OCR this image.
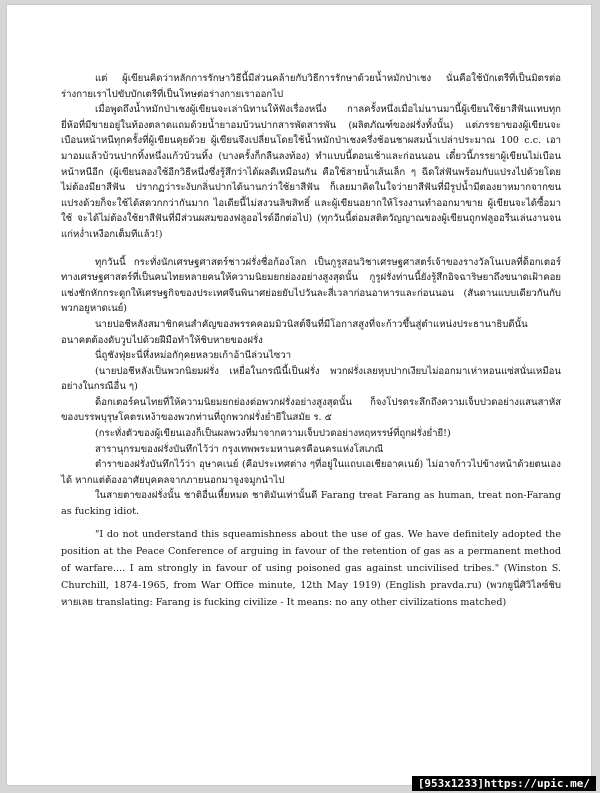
แต่ ผู้เขียนคิดว่าหลักการรักษาวิธีนี้มีส่วนคล้ายกับวิธีการรักษาด้วยน้ำหมักป่าเชง นั่นคือใช้บักเตรีที่เป็นมิตรต่อร่างกายเราไปขับบักเตรีที่เป็นโทษต่อร่างกายเราออกไป

เมื่อพูดถึงน้ำหมักป่าเชงผู้เขียนจะเล่านิทานให้ฟังเรื่องหนึ่ง กาลครั้งหนึ่งเมื่อไม่นานมานี้ผู้เขียนใช้ยาสีฟันแทบทุกยี่ห้อที่มีขายอยู่ในท้องตลาดแถมด้วยน้ำยาอมบ้วนปากสารพัดสารพัน (ผลิตภัณฑ์ของฝรั่งทั้งนั้น) แต่ภรรยาของผู้เขียนจะเบือนหน้าหนีทุกครั้งที่ผู้เขียนคุยด้วย ผู้เขียนจึงเปลี่ยนโดยใช้น้ำหมักป่าเชงครึ่งช้อนชาผสมน้ำเปล่าประมาณ 100 c.c. เอามาอมแล้วบ้วนปากทิ้งหนึ่งแก้วบ้วนทิ้ง (บางครั้งก็กลืนลงท้อง) ทำแบบนี้ตอนเช้าและก่อนนอน เดี๋ยวนี้ภรรยาผู้เขียนไม่เบือนหน้าหนีอีก (ผู้เขียนลองใช้อีกวิธีหนึ่งซึ่งรู้สึกว่าได้ผลดีเหมือนกัน คือใช้สายน้ำเส้นเล็ก ๆ ฉีดใส่ฟันพร้อมกับแปรงไปด้วยโดยไม่ต้องมียาสีฟัน ปรากฏว่าระงับกลิ่นปากได้นานกว่าใช้ยาสีฟัน ก็เลยมาคิดในใจว่ายาสีฟันที่มีรูปน้ำมีตองยาหมากจากขนแปรงด้วยก็จะใช้ได้สดวกกว่ากันมาก ไอเดียนี้ไม่สงวนลิขสิทธิ์ และผู้เขียนอยากให้โรงงานทำออกมาขาย ผู้เขียนจะได้ซื้อมาใช้ จะได้ไม่ต้องใช้ยาสีฟันที่มีส่วนผสมของฟลูออไรด์อีกต่อไป) (ทุกวันนี้ต่อมสติตวัญญาณของผู้เขียนถูกฟลูออรีนเล่นงานจนแก่หง่ำเหงือกเต็มทีแล้ว!)

ทุกวันนี้ กระทั่งนักเศรษฐศาสตร์ชาวฝรั่งชื่อก้องโลก เป็นกูรูสอนวิชาเศรษฐศาสตร์เจ้าของรางวัลโนเบลที่ด็อกเตอร์ทางเศรษฐศาสตร์ที่เป็นคนไทยหลายคนให้ความนิยมยกย่องอย่างสูงสุดนั้น กูรูฝรั่งท่านนี้ยังรู้สึกอิจฉาริษยาถึงขนาดเฝ้าคอยแช่งชักหักกระดูกให้เศรษฐกิจของประเทศจีนพินาศย่อยยับไปวันละสี่เวลาก่อนอาหารและก่อนนอน (สันดานแบบเดียวกันกับพวกอยูหาดเนย์)

นายปอชีหลังสมาชิกคนสำคัญของพรรคคอมมิวนิสต์จีนที่มีโอกาสสูงที่จะก้าวขึ้นสู่ตำแหน่งประธานาธิบดีนั้น อนาคตต้องดับวูบไปด้วยฝีมือทำให้ชิบหายของฝรั่ง

นี่ถูชังฟุ่ยะนี่หึ่งหม่อกักุคยหลวยเก้าอ้านีล่วนไซวา

(นายปอชีหลังเป็นพวกนิยมฝรั่ง เหยื่อในกรณีนี้เป็นฝรั่ง พวกฝรั่งเลยหุบปากเงียบไม่ออกมาเห่าหอนแซ่สนั่นเหมือนอย่างในกรณีอื่น ๆ)

ด็อกเตอร์คนไทยที่ให้ความนิยมยกย่องต่อพวกฝรั่งอย่างสูงสุดนั้น ก็จงโปรดระลึกถึงความเจ็บปวดอย่างแสนสาหัสของบรรพบุรุษโคตรเหง้าของพวกท่านที่ถูกพวกฝรั่งย่ำยีในสมัย ร. ๕

(กระทั่งตัวของผู้เขียนเองก็เป็นผลพวงที่มาจากความเจ็บปวดอย่างหฤหรรษ์ที่ถูกฝรั่งย่ำยี!)

สารานุกรมของฝรั่งบันทึกไว้ว่า กรุงเทพพระมหานครคือนครแห่งโสเภณี

ตำราของฝรั่งบันทึกไว้ว่า อุษาคเนย์ (คือประเทศต่าง ๆที่อยู่ในแถบเอเชียอาคเนย์) ไม่อาจก้าวไปข้างหน้าด้วยตนเองได้ หากแต่ต้องอาศัยบุคคลจากภายนอกมาจูงจมูกนำไป

ในสายตาของฝรั่งนั้น ชาติอื่นเหี้ยหมด ชาติมันเท่านั้นดี Farang treat Farang as human, treat non-Farang as fucking idiot.

"I do not understand this squeamishness about the use of gas. We have definitely adopted the position at the Peace Conference of arguing in favour of the retention of gas as a permanent method of warfare.... I am strongly in favour of using poisoned gas against uncivilised tribes." (Winston S. Churchill, 1874-1965, from War Office minute, 12th May 1919) (English pravda.ru) (พวกยูนี่ศิวิไลซ์ชิบหายเลย translating: Farang is fucking civilize - It means: no any other civilizations matched)

[953x1233]https://upic.me/
